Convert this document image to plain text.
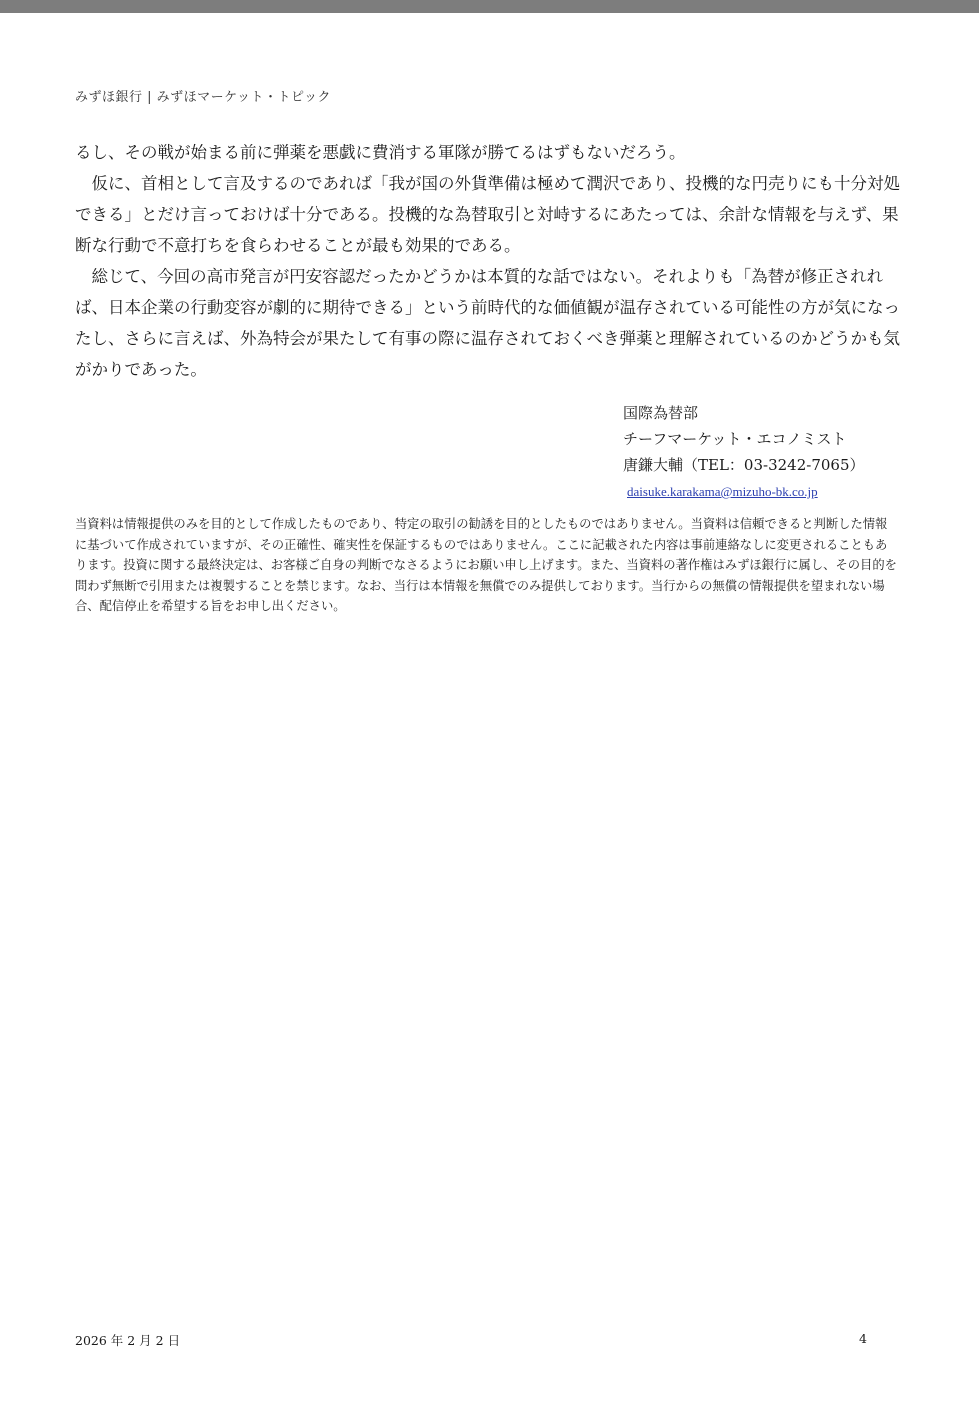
みずほ銀行 | みずほマーケット・トピック

るし、その戦が始まる前に弾薬を悪戯に費消する軍隊が勝てるはずもないだろう。

仮に、首相として言及するのであれば「我が国の外貨準備は極めて潤沢であり、投機的な円売りにも十分対処できる」とだけ言っておけば十分である。投機的な為替取引と対峙するにあたっては、余計な情報を与えず、果断な行動で不意打ちを食らわせることが最も効果的である。

総じて、今回の高市発言が円安容認だったかどうかは本質的な話ではない。それよりも「為替が修正されれば、日本企業の行動変容が劇的に期待できる」という前時代的な価値観が温存されている可能性の方が気になったし、さらに言えば、外為特会が果たして有事の際に温存されておくべき弾薬と理解されているのかどうかも気がかりであった。

国際為替部
チーフマーケット・エコノミスト
唐鎌大輔（TEL：03-3242-7065）
daisuke.karakama@mizuho-bk.co.jp
当資料は情報提供のみを目的として作成したものであり、特定の取引の勧誘を目的としたものではありません。当資料は信頼できると判断した情報に基づいて作成されていますが、その正確性、確実性を保証するものではありません。ここに記載された内容は事前連絡なしに変更されることもあります。投資に関する最終決定は、お客様ご自身の判断でなさるようにお願い申し上げます。また、当資料の著作権はみずほ銀行に属し、その目的を問わず無断で引用または複製することを禁じます。なお、当行は本情報を無償でのみ提供しております。当行からの無償の情報提供を望まれない場合、配信停止を希望する旨をお申し出ください。
2026 年 2 月 2 日	4
